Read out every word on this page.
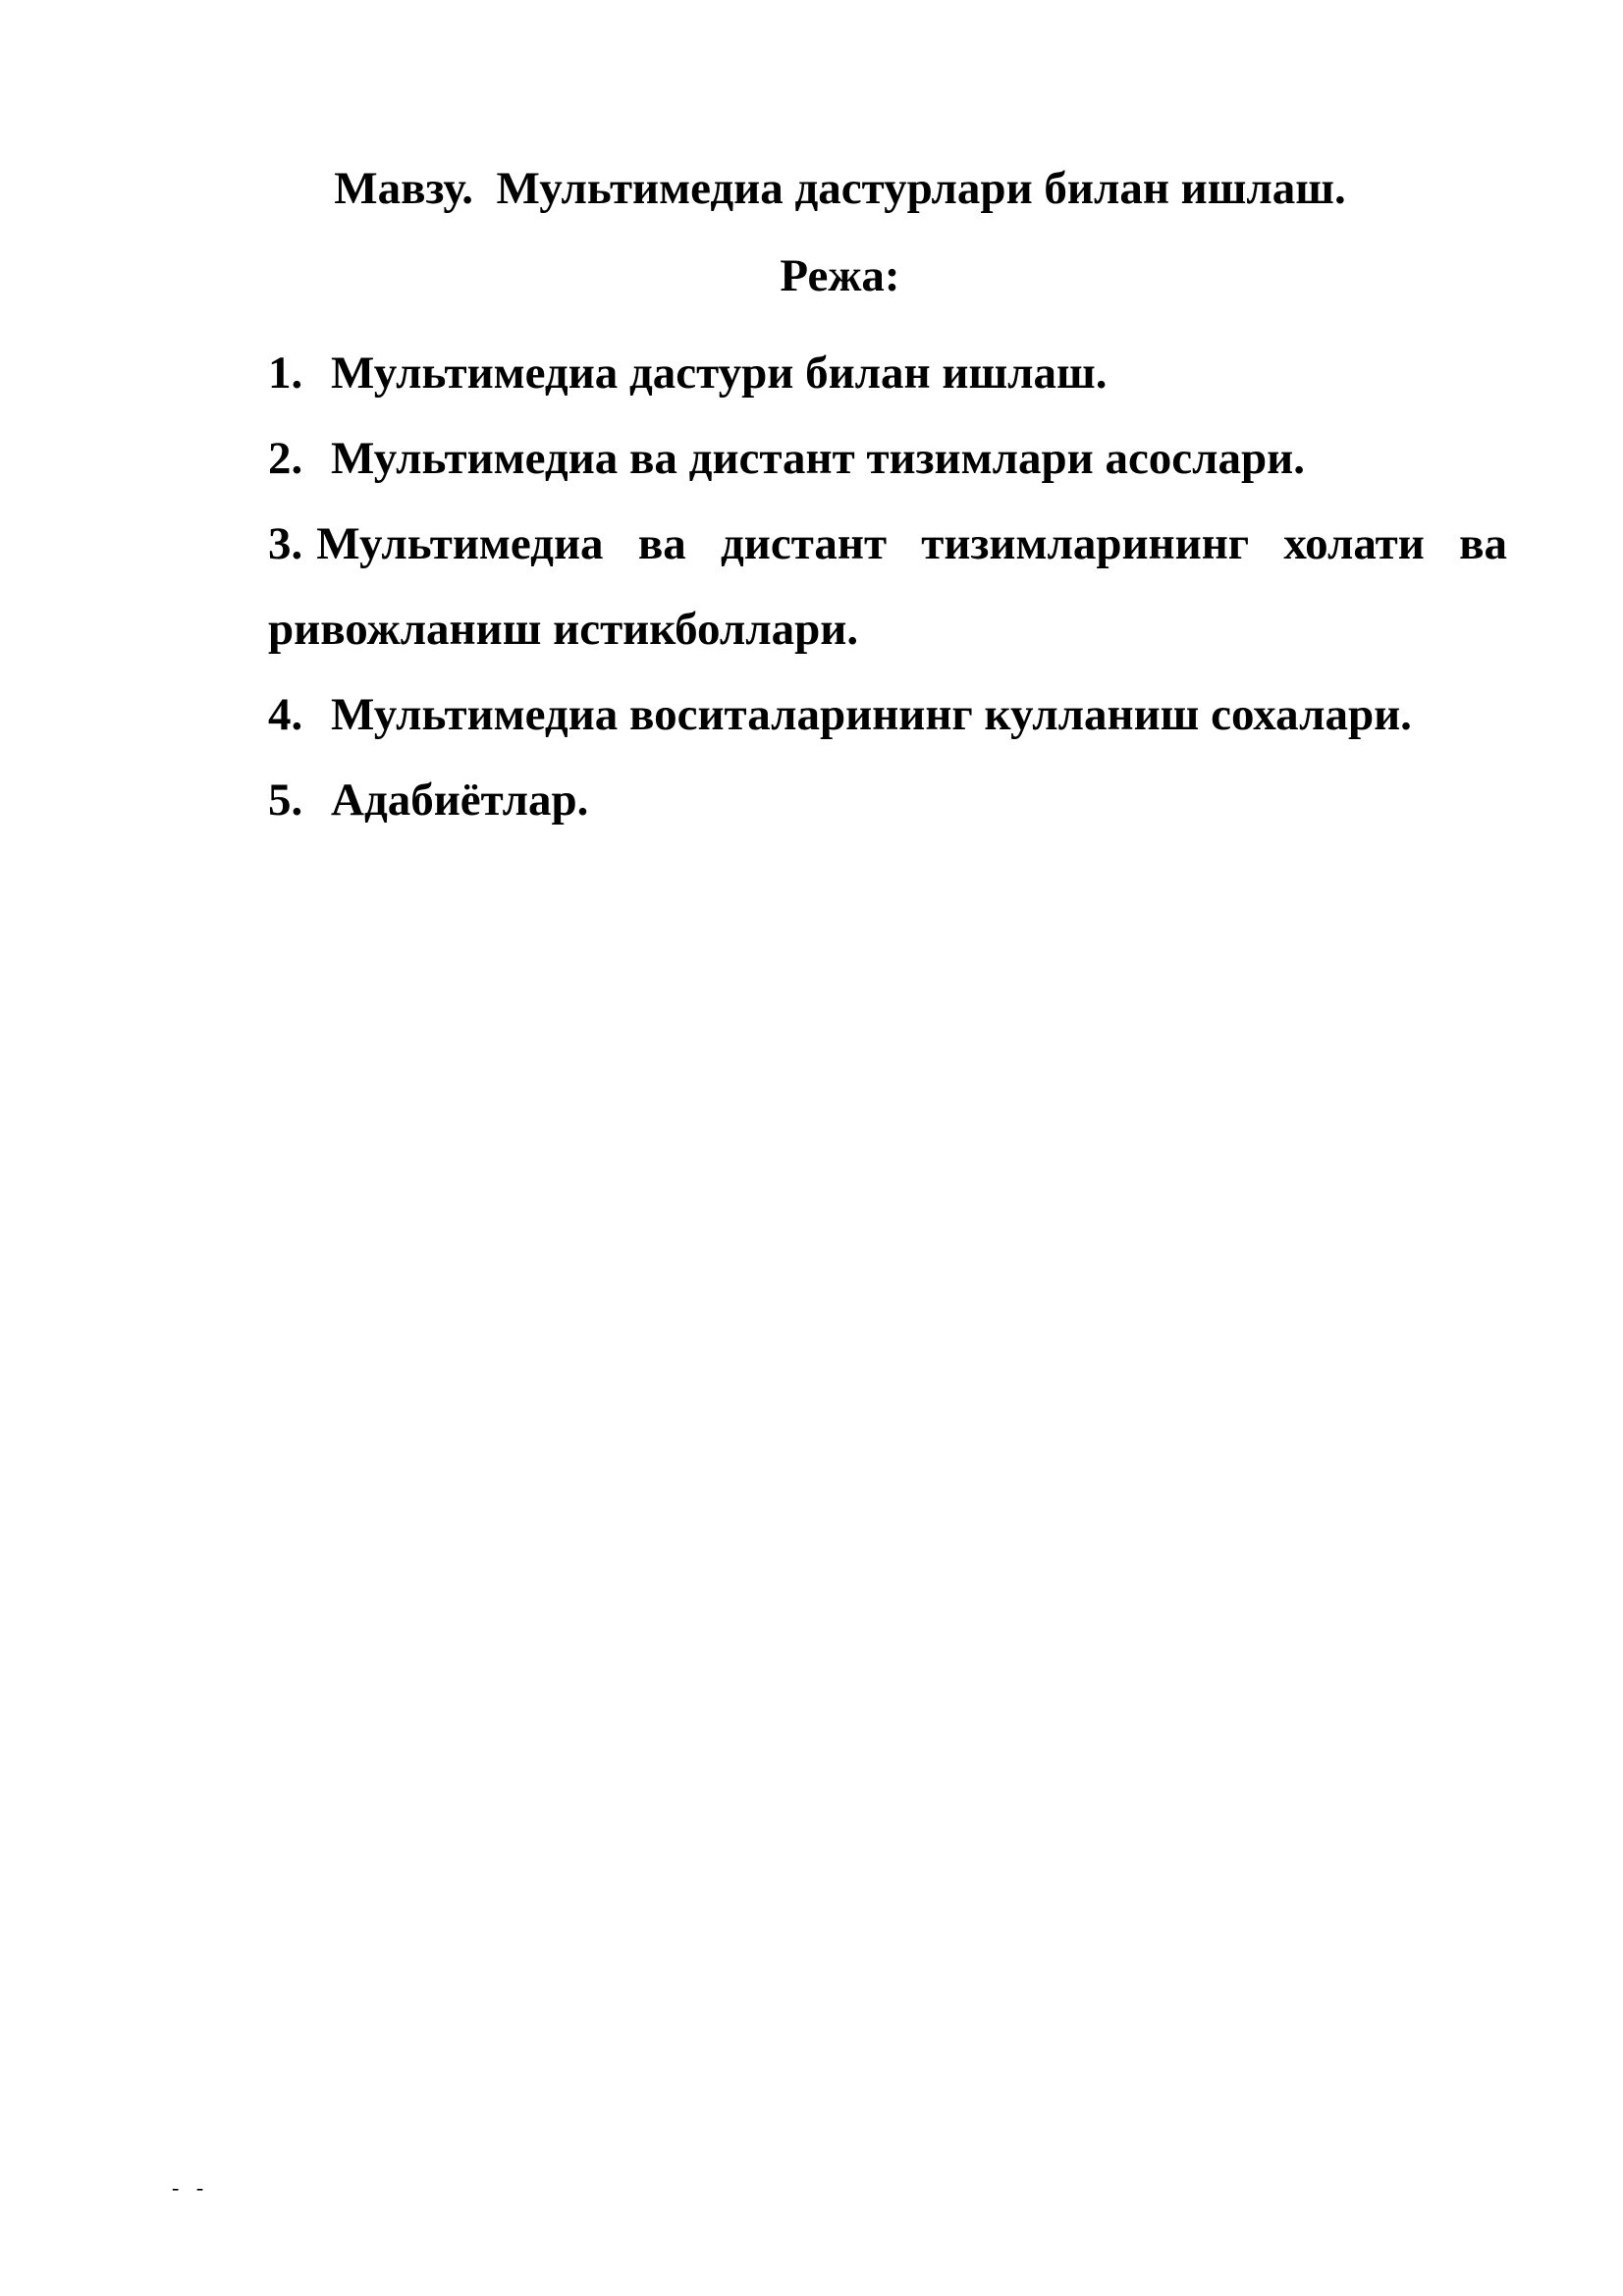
Мавзу.  Мультимедиа дастурлари билан ишлаш.
Режа:
1. Мультимедиа дастури билан ишлаш.
2. Мультимедиа ва дистант тизимлари асослари.
3. Мультимедиа ва дистант тизимларининг холати ва ривожланиш истикболлари.
4. Мультимедиа воситаларининг кулланиш сохалари.
5. Адабиётлар.
- -
